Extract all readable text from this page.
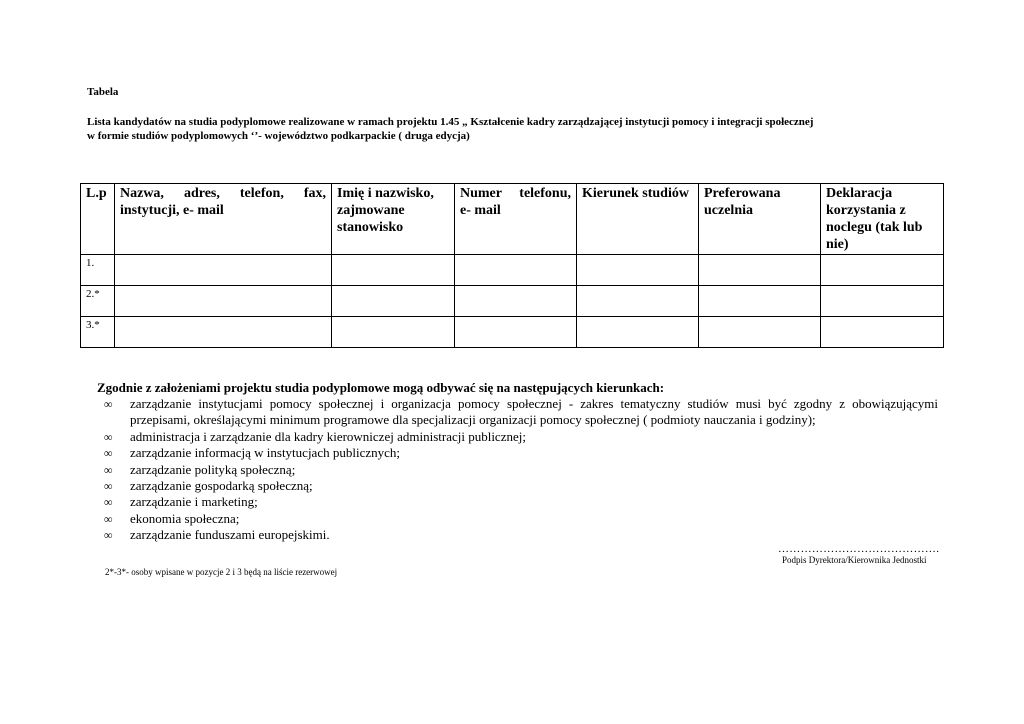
Tabela
Lista kandydatów na studia podyplomowe realizowane w ramach projektu 1.45 „ Kształcenie kadry zarządzającej instytucji pomocy i integracji społecznej
w formie studiów podyplomowych ‘’- województwo podkarpackie ( druga edycja)
L.p	Nazwa, adres, telefon, fax, instytucji, e- mail	Imię i nazwisko, zajmowane stanowisko	Numer telefonu, e- mail	Kierunek studiów	Preferowana uczelnia	Deklaracja korzystania z noclegu (tak lub nie)
1.						
2.*						
3.*						
Zgodnie z założeniami projektu studia podyplomowe mogą odbywać się na następujących kierunkach:
∞ zarządzanie instytucjami pomocy społecznej i organizacja pomocy społecznej - zakres tematyczny studiów musi być zgodny z obowiązującymi przepisami, określającymi minimum programowe dla specjalizacji organizacji pomocy społecznej ( podmioty nauczania i godziny);
∞ administracja i zarządzanie dla kadry kierowniczej administracji publicznej;
∞ zarządzanie informacją w instytucjach publicznych;
∞ zarządzanie polityką społeczną;
∞ zarządzanie gospodarką społeczną;
∞ zarządzanie i marketing;
∞ ekonomia społeczna;
∞ zarządzanie funduszami europejskimi.
…………………………………….
Podpis Dyrektora/Kierownika Jednostki
2*-3*- osoby wpisane w pozycje 2 i 3 będą na liście rezerwowej
